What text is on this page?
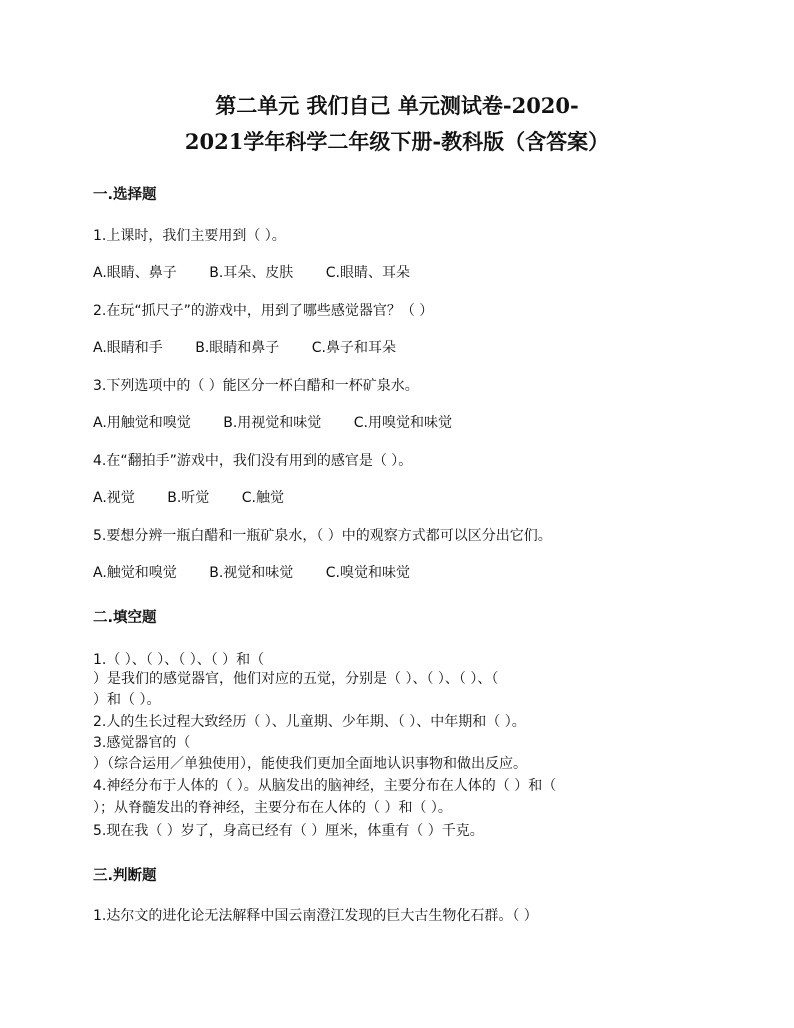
第二单元 我们自己 单元测试卷-2020-
2021学年科学二年级下册-教科版（含答案）
一.选择题
1.上课时，我们主要用到（ ）。
A.眼睛、鼻子 B.耳朵、皮肤 C.眼睛、耳朵
2.在玩“抓尺子”的游戏中，用到了哪些感觉器官？（ ）
A.眼睛和手 B.眼睛和鼻子 C.鼻子和耳朵
3.下列选项中的（ ）能区分一杯白醋和一杯矿泉水。
A.用触觉和嗅觉 B.用视觉和味觉 C.用嗅觉和味觉
4.在“翻拍手”游戏中，我们没有用到的感官是（ ）。
A.视觉 B.听觉 C.触觉
5.要想分辨一瓶白醋和一瓶矿泉水，（ ）中的观察方式都可以区分出它们。
A.触觉和嗅觉 B.视觉和味觉 C.嗅觉和味觉
二.填空题
1.（ ）、（ ）、（ ）、（ ）和（
）是我们的感觉器官，他们对应的五觉，分别是（ ）、（ ）、（ ）、（
）和（ ）。
2.人的生长过程大致经历（ ）、儿童期、少年期、（ ）、中年期和（ ）。
3.感觉器官的（
）（综合运用／单独使用），能使我们更加全面地认识事物和做出反应。
4.神经分布于人体的（ ）。从脑发出的脑神经，主要分布在人体的（ ）和（
）；从脊髓发出的脊神经，主要分布在人体的（ ）和（ ）。
5.现在我（ ）岁了，身高已经有（ ）厘米，体重有（ ）千克。
三.判断题
1.达尔文的进化论无法解释中国云南澄江发现的巨大古生物化石群。（ ）
